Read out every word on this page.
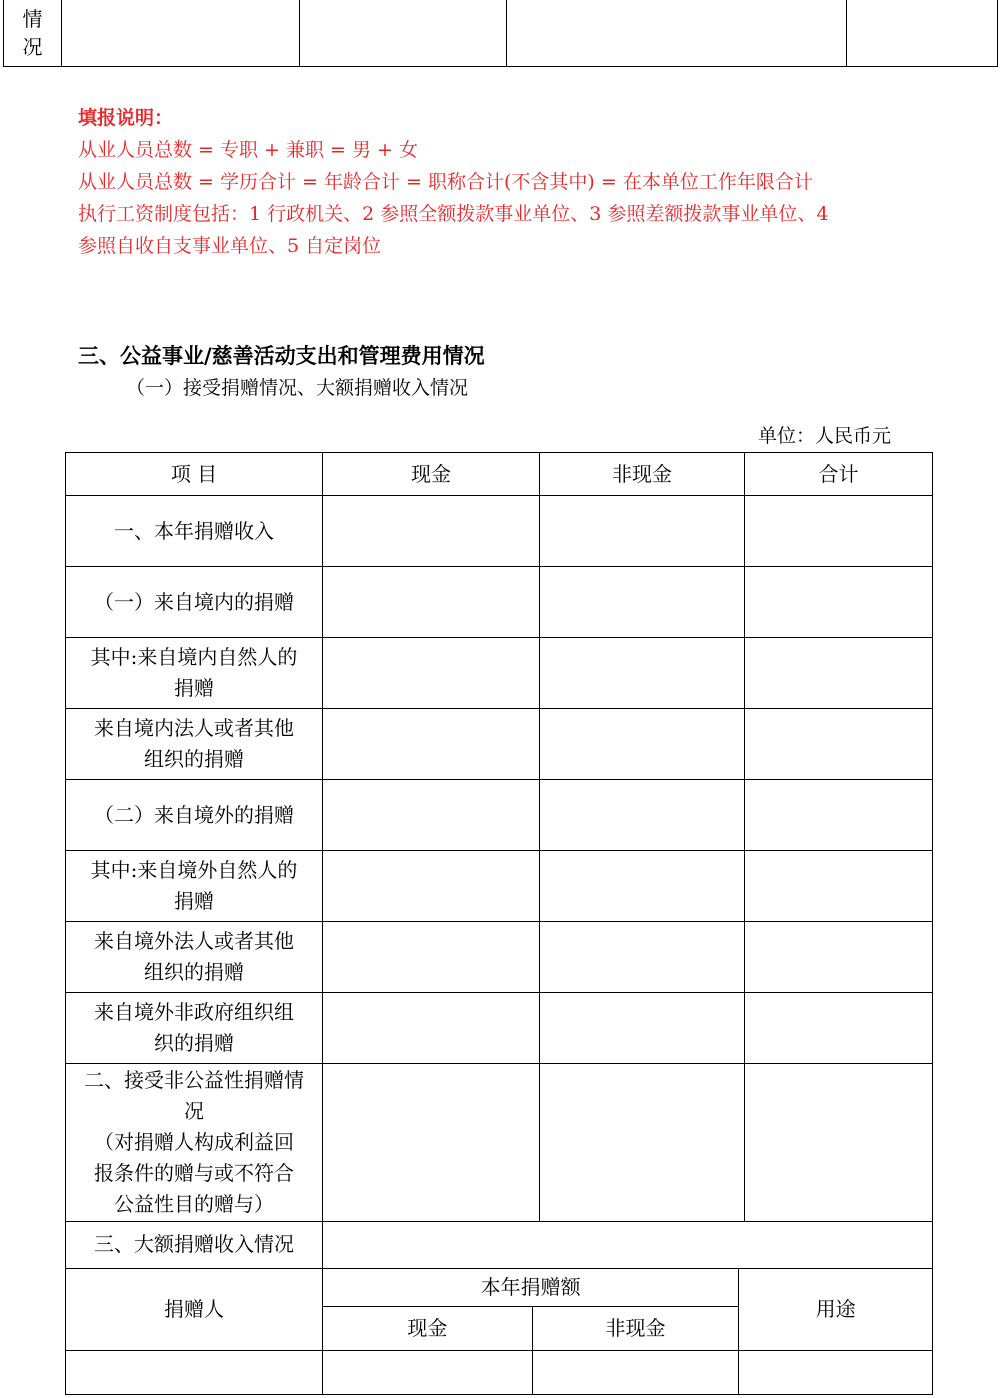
情
况

填报说明：
从业人员总数 = 专职 + 兼职 = 男 + 女
从业人员总数 = 学历合计 = 年龄合计 = 职称合计(不含其中) = 在本单位工作年限合计
执行工资制度包括：1 行政机关、2 参照全额拨款事业单位、3 参照差额拨款事业单位、4
参照自收自支事业单位、5 自定岗位
三、公益事业/慈善活动支出和管理费用情况
（一）接受捐赠情况、大额捐赠收入情况
单位：人民币元
项 目	现金	非现金	合计
一、本年捐赠收入			
（一）来自境内的捐赠			

其中:来自境内自然人的
捐赠			

来自境内法人或者其他
组织的捐赠			

（二）来自境外的捐赠			

其中:来自境外自然人的
捐赠			

来自境外法人或者其他
组织的捐赠			

来自境外非政府组织组
织的捐赠			

二、接受非公益性捐赠情
况
（对捐赠人构成利益回
报条件的赠与或不符合
公益性目的赠与）			

三、大额捐赠收入情况			
捐赠人	本年捐赠额		用途
	现金	非现金	
